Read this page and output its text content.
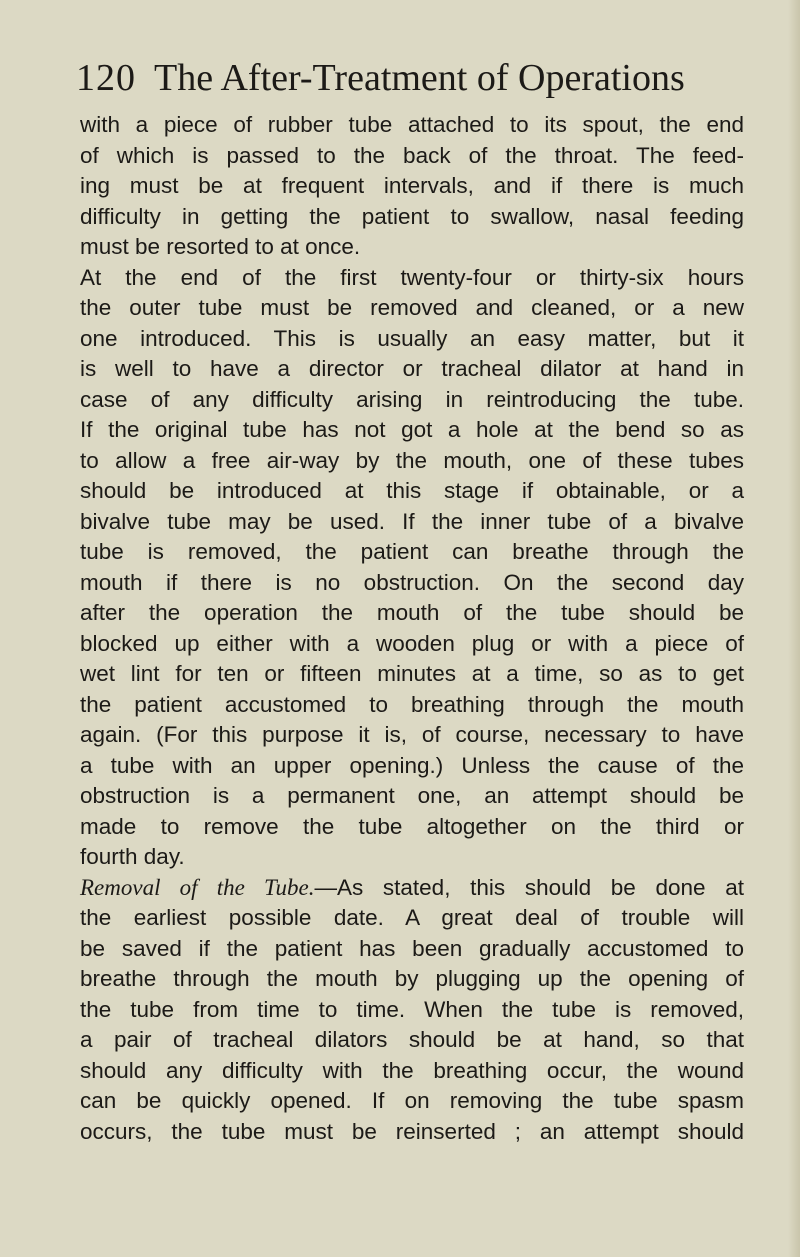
120 The After-Treatment of Operations
with a piece of rubber tube attached to its spout, the end
of which is passed to the back of the throat. The feed-
ing must be at frequent intervals, and if there is much
difficulty in getting the patient to swallow, nasal feeding
must be resorted to at once.
At the end of the first twenty-four or thirty-six hours
the outer tube must be removed and cleaned, or a new
one introduced. This is usually an easy matter, but it
is well to have a director or tracheal dilator at hand in
case of any difficulty arising in reintroducing the tube.
If the original tube has not got a hole at the bend so as
to allow a free air-way by the mouth, one of these tubes
should be introduced at this stage if obtainable, or a
bivalve tube may be used. If the inner tube of a bivalve
tube is removed, the patient can breathe through the
mouth if there is no obstruction. On the second day
after the operation the mouth of the tube should be
blocked up either with a wooden plug or with a piece of
wet lint for ten or fifteen minutes at a time, so as to get
the patient accustomed to breathing through the mouth
again. (For this purpose it is, of course, necessary to have
a tube with an upper opening.) Unless the cause of the
obstruction is a permanent one, an attempt should be
made to remove the tube altogether on the third or
fourth day.
Removal of the Tube.—As stated, this should be done at
the earliest possible date. A great deal of trouble will
be saved if the patient has been gradually accustomed to
breathe through the mouth by plugging up the opening of
the tube from time to time. When the tube is removed,
a pair of tracheal dilators should be at hand, so that
should any difficulty with the breathing occur, the wound
can be quickly opened. If on removing the tube spasm
occurs, the tube must be reinserted ; an attempt should
